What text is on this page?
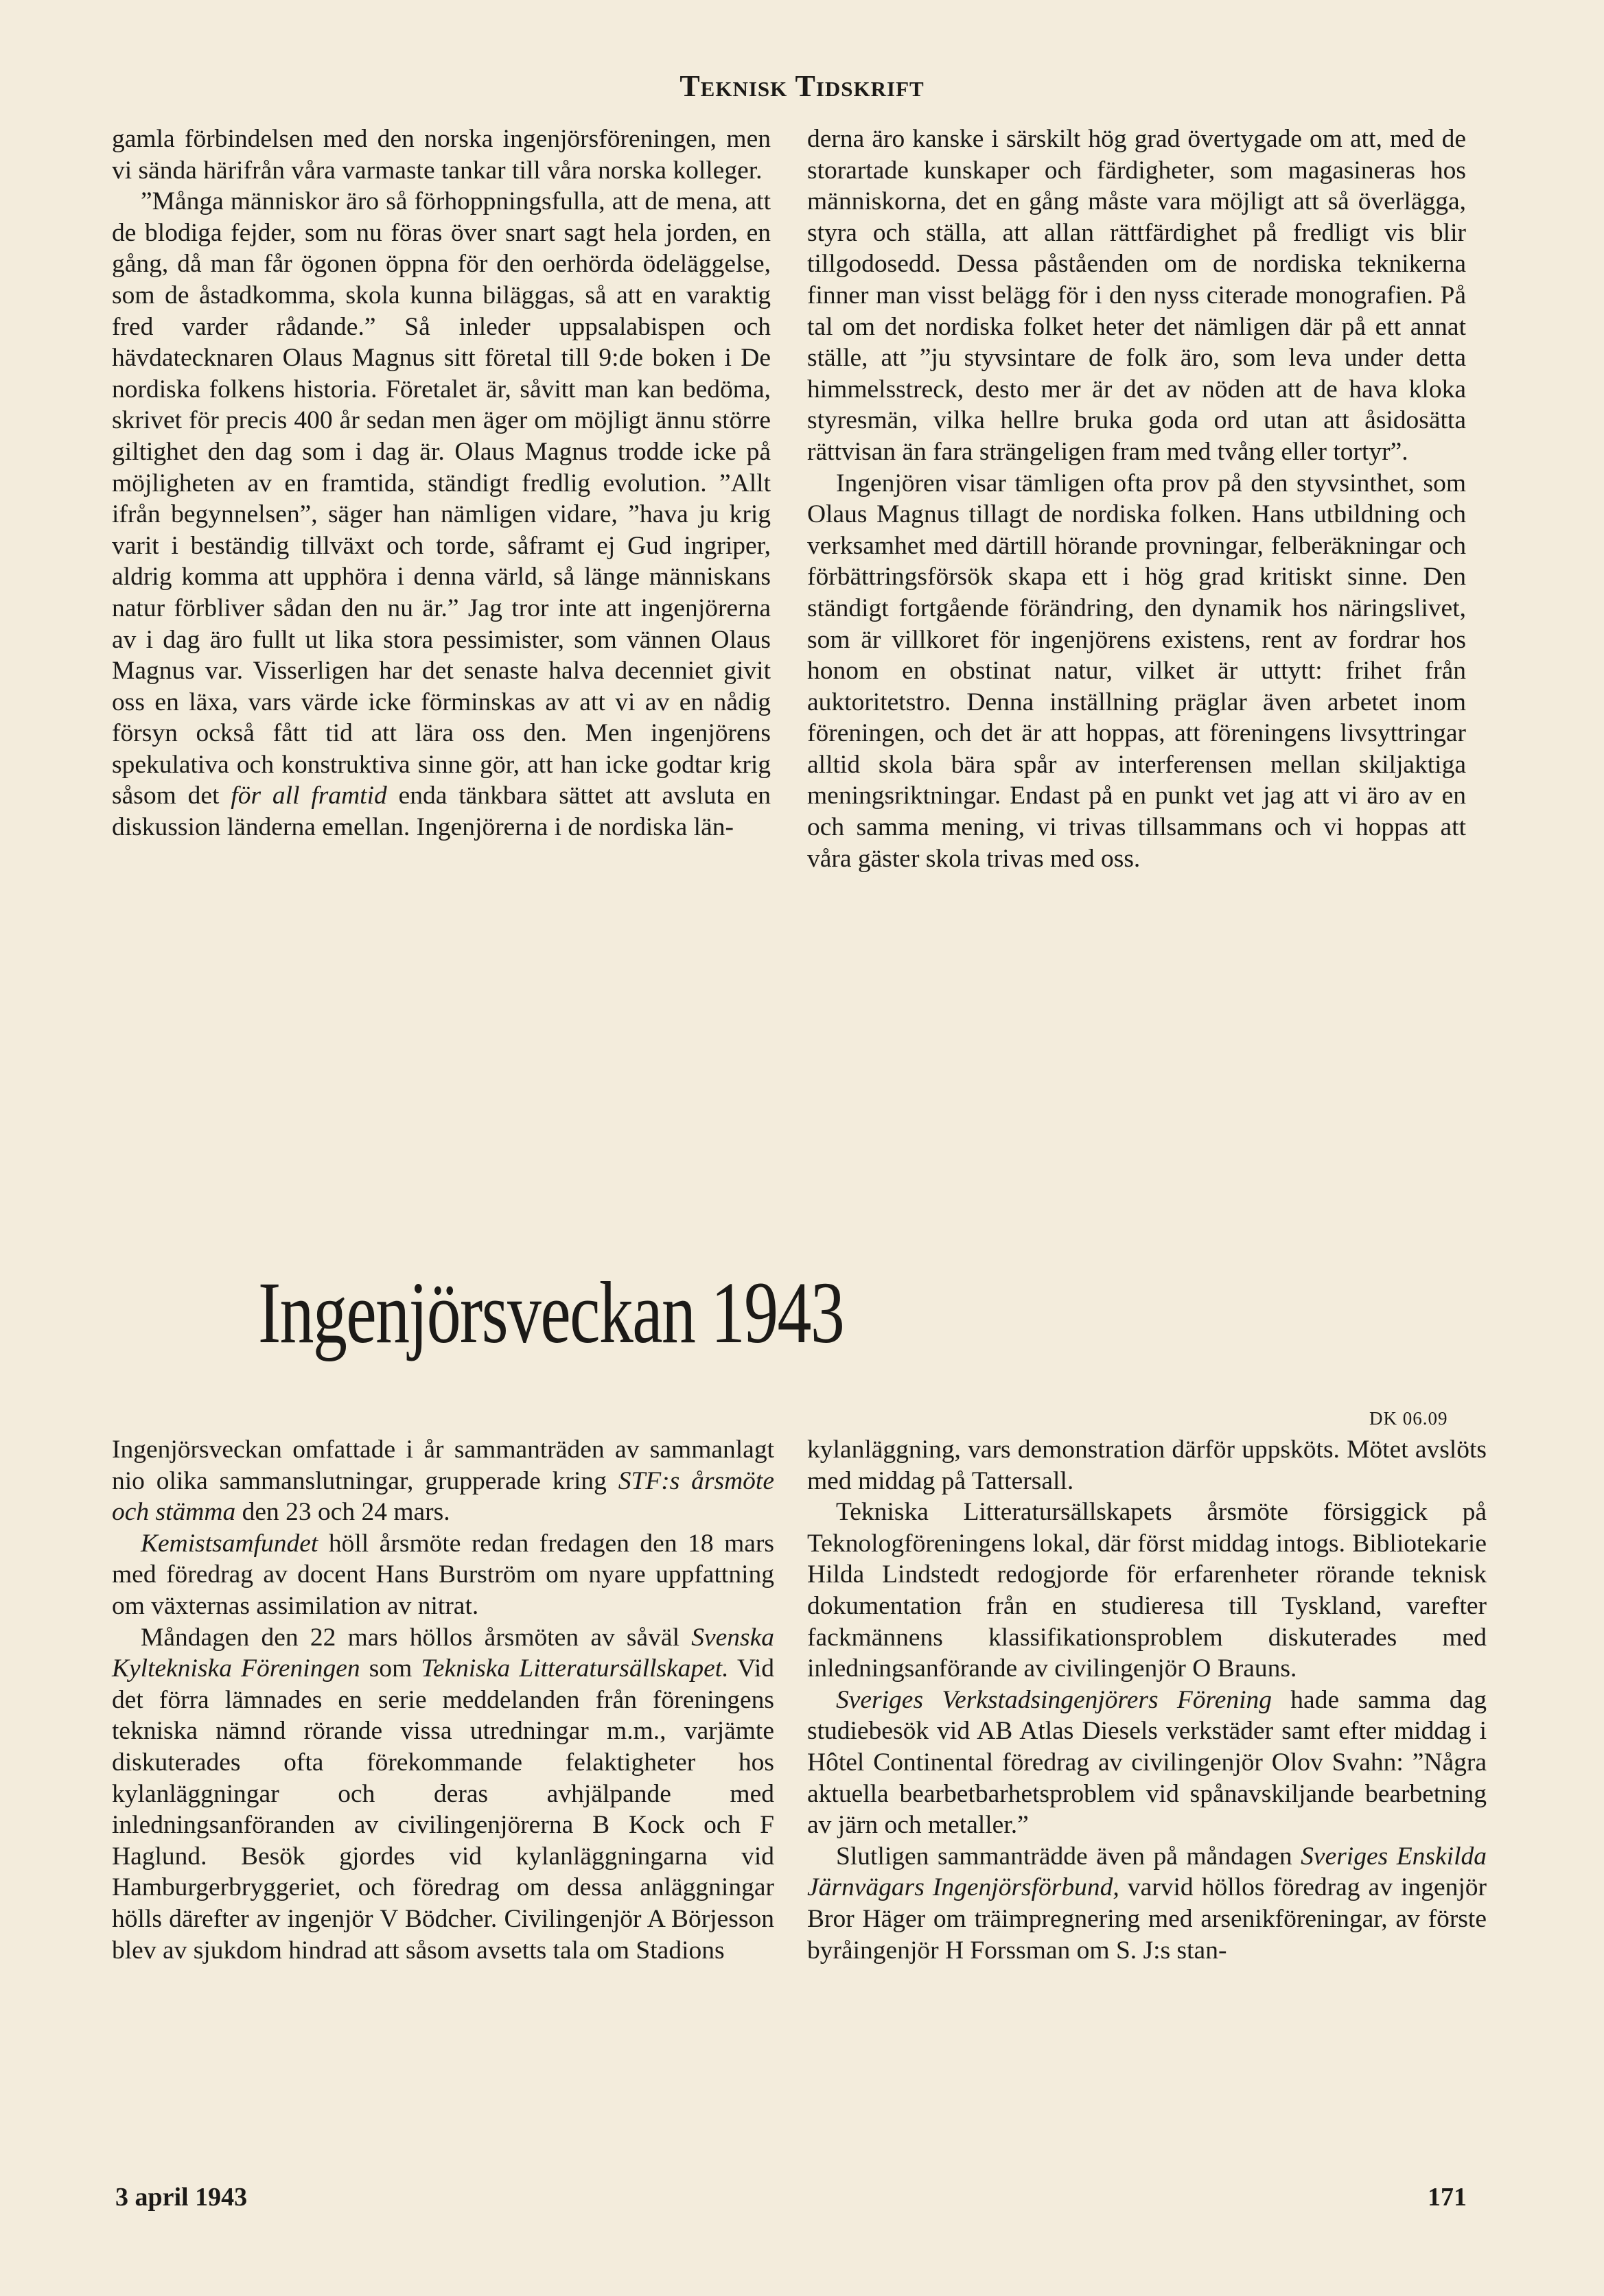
Teknisk Tidskrift

gamla förbindelsen med den norska ingenjörsföreningen, men vi sända härifrån våra varmaste tankar till våra norska kolleger.

”Många människor äro så förhoppningsfulla, att de mena, att de blodiga fejder, som nu föras över snart sagt hela jorden, en gång, då man får ögonen öppna för den oerhörda ödeläggelse, som de åstadkomma, skola kunna biläggas, så att en varaktig fred varder rådande.” Så inleder uppsalabispen och hävdatecknaren Olaus Magnus sitt företal till 9:de boken i De nordiska folkens historia. Företalet är, såvitt man kan bedöma, skrivet för precis 400 år sedan men äger om möjligt ännu större giltighet den dag som i dag är. Olaus Magnus trodde icke på möjligheten av en framtida, ständigt fredlig evolution. ”Allt ifrån begynnelsen”, säger han nämligen vidare, ”hava ju krig varit i beständig tillväxt och torde, såframt ej Gud ingriper, aldrig komma att upphöra i denna värld, så länge människans natur förbliver sådan den nu är.” Jag tror inte att ingenjörerna av i dag äro fullt ut lika stora pessimister, som vännen Olaus Magnus var. Visserligen har det senaste halva decenniet givit oss en läxa, vars värde icke förminskas av att vi av en nådig försyn också fått tid att lära oss den. Men ingenjörens spekulativa och konstruktiva sinne gör, att han icke godtar krig såsom det för all framtid enda tänkbara sättet att avsluta en diskussion länderna emellan. Ingenjörerna i de nordiska län-

derna äro kanske i särskilt hög grad övertygade om att, med de storartade kunskaper och färdigheter, som magasineras hos människorna, det en gång måste vara möjligt att så överlägga, styra och ställa, att allan rättfärdighet på fredligt vis blir tillgodosedd. Dessa påståenden om de nordiska teknikerna finner man visst belägg för i den nyss citerade monografien. På tal om det nordiska folket heter det nämligen där på ett annat ställe, att ”ju styvsintare de folk äro, som leva under detta himmelsstreck, desto mer är det av nöden att de hava kloka styresmän, vilka hellre bruka goda ord utan att åsidosätta rättvisan än fara strängeligen fram med tvång eller tortyr”.

Ingenjören visar tämligen ofta prov på den styvsinthet, som Olaus Magnus tillagt de nordiska folken. Hans utbildning och verksamhet med därtill hörande provningar, felberäkningar och förbättringsförsök skapa ett i hög grad kritiskt sinne. Den ständigt fortgående förändring, den dynamik hos näringslivet, som är villkoret för ingenjörens existens, rent av fordrar hos honom en obstinat natur, vilket är uttytt: frihet från auktoritetstro. Denna inställning präglar även arbetet inom föreningen, och det är att hoppas, att föreningens livsyttringar alltid skola bära spår av interferensen mellan skiljaktiga meningsriktningar. Endast på en punkt vet jag att vi äro av en och samma mening, vi trivas tillsammans och vi hoppas att våra gäster skola trivas med oss.

Ingenjörsveckan 1943
DK 06.09

Ingenjörsveckan omfattade i år sammanträden av sammanlagt nio olika sammanslutningar, grupperade kring STF:s årsmöte och stämma den 23 och 24 mars.

Kemistsamfundet höll årsmöte redan fredagen den 18 mars med föredrag av docent Hans Burström om nyare uppfattning om växternas assimilation av nitrat.

Måndagen den 22 mars höllos årsmöten av såväl Svenska Kyltekniska Föreningen som Tekniska Litteratursällskapet. Vid det förra lämnades en serie meddelanden från föreningens tekniska nämnd rörande vissa utredningar m.m., varjämte diskuterades ofta förekommande felaktigheter hos kylanläggningar och deras avhjälpande med inledningsanföranden av civilingenjörerna B Kock och F Haglund. Besök gjordes vid kylanläggningarna vid Hamburgerbryggeriet, och föredrag om dessa anläggningar hölls därefter av ingenjör V Bödcher. Civilingenjör A Börjesson blev av sjukdom hindrad att såsom avsetts tala om Stadions

kylanläggning, vars demonstration därför uppsköts. Mötet avslöts med middag på Tattersall.

Tekniska Litteratursällskapets årsmöte försiggick på Teknologföreningens lokal, där först middag intogs. Bibliotekarie Hilda Lindstedt redogjorde för erfarenheter rörande teknisk dokumentation från en studieresa till Tyskland, varefter fackmännens klassifikationsproblem diskuterades med inledningsanförande av civilingenjör O Brauns.

Sveriges Verkstadsingenjörers Förening hade samma dag studiebesök vid AB Atlas Diesels verkstäder samt efter middag i Hôtel Continental föredrag av civilingenjör Olov Svahn: ”Några aktuella bearbetbarhetsproblem vid spånavskiljande bearbetning av järn och metaller.”

Slutligen sammanträdde även på måndagen Sveriges Enskilda Järnvägars Ingenjörsförbund, varvid höllos föredrag av ingenjör Bror Häger om träimpregnering med arsenikföreningar, av förste byråingenjör H Forssman om S. J:s stan-

3 april 1943	171
